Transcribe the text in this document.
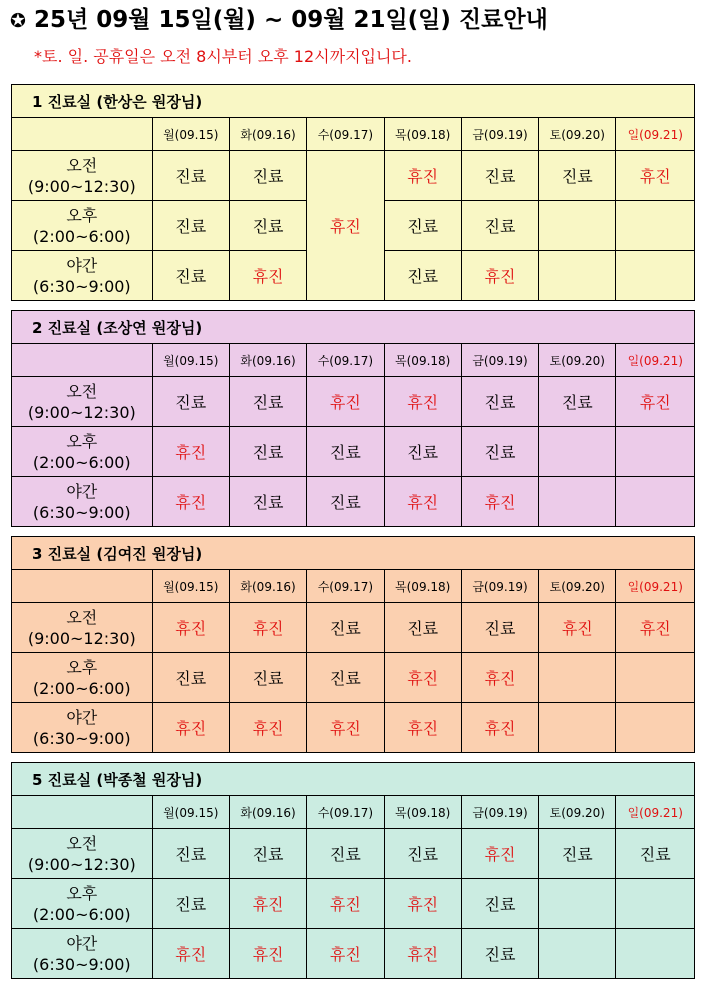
✪ 25년 09월 15일(월) ~ 09월 21일(일) 진료안내
*토. 일. 공휴일은 오전 8시부터 오후 12시까지입니다.
1 진료실 (한상은 원장님)							
	월(09.15)	화(09.16)	수(09.17)	목(09.18)	금(09.19)	토(09.20)	일(09.21)

오전
(9:00~12:30)	진료	진료	휴진	휴진	진료	진료	휴진

오후
(2:00~6:00)	진료	진료		진료	진료		

야간
(6:30~9:00)	진료	휴진		진료	휴진		
2 진료실 (조상연 원장님)							
	월(09.15)	화(09.16)	수(09.17)	목(09.18)	금(09.19)	토(09.20)	일(09.21)

오전
(9:00~12:30)	진료	진료	휴진	휴진	진료	진료	휴진

오후
(2:00~6:00)	휴진	진료	진료	진료	진료		

야간
(6:30~9:00)	휴진	진료	진료	휴진	휴진		
3 진료실 (김여진 원장님)							
	월(09.15)	화(09.16)	수(09.17)	목(09.18)	금(09.19)	토(09.20)	일(09.21)

오전
(9:00~12:30)	휴진	휴진	진료	진료	진료	휴진	휴진

오후
(2:00~6:00)	진료	진료	진료	휴진	휴진		

야간
(6:30~9:00)	휴진	휴진	휴진	휴진	휴진		
5 진료실 (박종철 원장님)							
	월(09.15)	화(09.16)	수(09.17)	목(09.18)	금(09.19)	토(09.20)	일(09.21)

오전
(9:00~12:30)	진료	진료	진료	진료	휴진	진료	진료

오후
(2:00~6:00)	진료	휴진	휴진	휴진	진료		

야간
(6:30~9:00)	휴진	휴진	휴진	휴진	진료		
